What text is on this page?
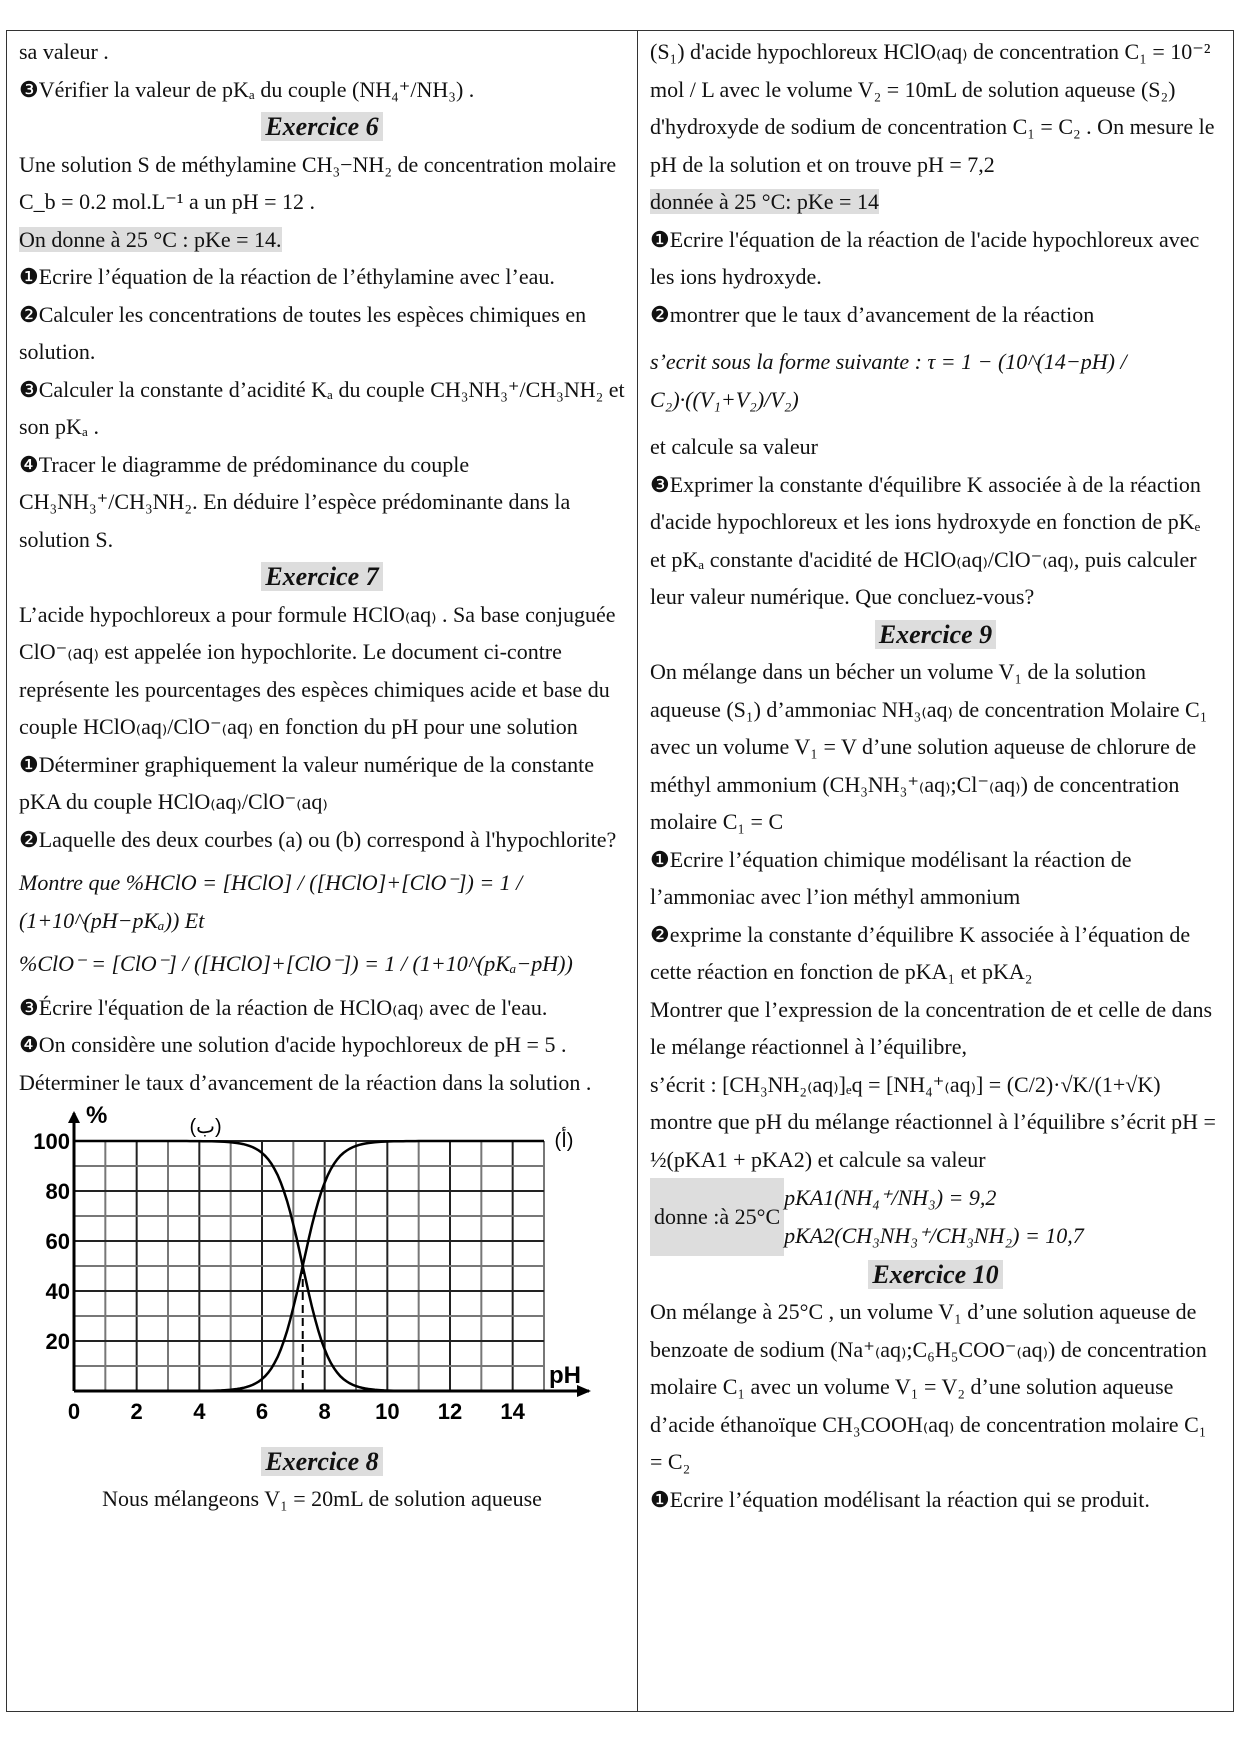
sa valeur .

❸Vérifier la valeur de pKₐ du couple (NH₄⁺/NH₃) .

Exercice 6

Une solution S de méthylamine CH₃−NH₂ de concentration molaire C_b = 0.2 mol.L⁻¹ a un pH = 12 .

On donne à 25 °C : pKe = 14.

❶Ecrire l’équation de la réaction de l’éthylamine avec l’eau.

❷Calculer les concentrations de toutes les espèces chimiques en solution.

❸Calculer la constante d’acidité Kₐ du couple CH₃NH₃⁺/CH₃NH₂ et son pKₐ .

❹Tracer le diagramme de prédominance du couple CH₃NH₃⁺/CH₃NH₂. En déduire l’espèce prédominante dans la solution S.

Exercice 7

L’acide hypochloreux a pour formule HClO₍aq₎ . Sa base conjuguée ClO⁻₍aq₎ est appelée ion hypochlorite. Le document ci-contre représente les pourcentages des espèces chimiques acide et base du couple HClO₍aq₎/ClO⁻₍aq₎ en fonction du pH pour une solution

❶Déterminer graphiquement la valeur numérique de la constante pKA du couple HClO₍aq₎/ClO⁻₍aq₎

❷Laquelle des deux courbes (a) ou (b) correspond à l'hypochlorite?

Montre que %HClO = [HClO] / ([HClO]+[ClO⁻]) = 1 / (1+10^(pH−pKₐ)) Et

%ClO⁻ = [ClO⁻] / ([HClO]+[ClO⁻]) = 1 / (1+10^(pKₐ−pH))

❸Écrire l'équation de la réaction de HClO₍aq₎ avec de l'eau.

❹On considère une solution d'acide hypochloreux de pH = 5 . Déterminer le taux d’avancement de la réaction dans la solution .

0 2 4 6 8 10 12 14
20
40
60
80
100
%
pH
(ب)
(أ)

Exercice 8

Nous mélangeons V₁ = 20mL de solution aqueuse

(S₁) d'acide hypochloreux HClO₍aq₎ de concentration C₁ = 10⁻² mol / L avec le volume V₂ = 10mL de solution aqueuse (S₂) d'hydroxyde de sodium de concentration C₁ = C₂ . On mesure le pH de la solution et on trouve pH = 7,2

donnée à 25 °C: pKe = 14

❶Ecrire l'équation de la réaction de l'acide hypochloreux avec les ions hydroxyde.

❷montrer que le taux d’avancement de la réaction

s’ecrit sous la forme suivante : τ = 1 − (10^(14−pH) / C₂)·((V₁+V₂)/V₂)

et calcule sa valeur

❸Exprimer la constante d'équilibre K associée à de la réaction d'acide hypochloreux et les ions hydroxyde en fonction de pKₑ et pKₐ constante d'acidité de HClO₍aq₎/ClO⁻₍aq₎, puis calculer leur valeur numérique. Que concluez-vous?

Exercice 9

On mélange dans un bécher un volume V₁ de la solution aqueuse (S₁) d’ammoniac NH₃₍aq₎ de concentration Molaire C₁ avec un volume V₁ = V d’une solution aqueuse de chlorure de méthyl ammonium (CH₃NH₃⁺₍aq₎;Cl⁻₍aq₎) de concentration molaire C₁ = C

❶Ecrire l’équation chimique modélisant la réaction de l’ammoniac avec l’ion méthyl ammonium

❷exprime la constante d’équilibre K associée à l’équation de cette réaction en fonction de pKA₁ et pKA₂

Montrer que l’expression de la concentration de et celle de dans le mélange réactionnel à l’équilibre,

s’écrit : [CH₃NH₂₍aq₎]ₑq = [NH₄⁺₍aq₎] = (C/2)·√K/(1+√K)

montre que pH du mélange réactionnel à l’équilibre s’écrit pH = ½(pKA1 + pKA2) et calcule sa valeur

donne :à 25°C

pKA1(NH₄⁺/NH₃) = 9,2

pKA2(CH₃NH₃⁺/CH₃NH₂) = 10,7

Exercice 10

On mélange à 25°C , un volume V₁ d’une solution aqueuse de benzoate de sodium (Na⁺₍aq₎;C₆H₅COO⁻₍aq₎) de concentration molaire C₁ avec un volume V₁ = V₂ d’une solution aqueuse d’acide éthanoïque CH₃COOH₍aq₎ de concentration molaire C₁ = C₂

❶Ecrire l’équation modélisant la réaction qui se produit.
